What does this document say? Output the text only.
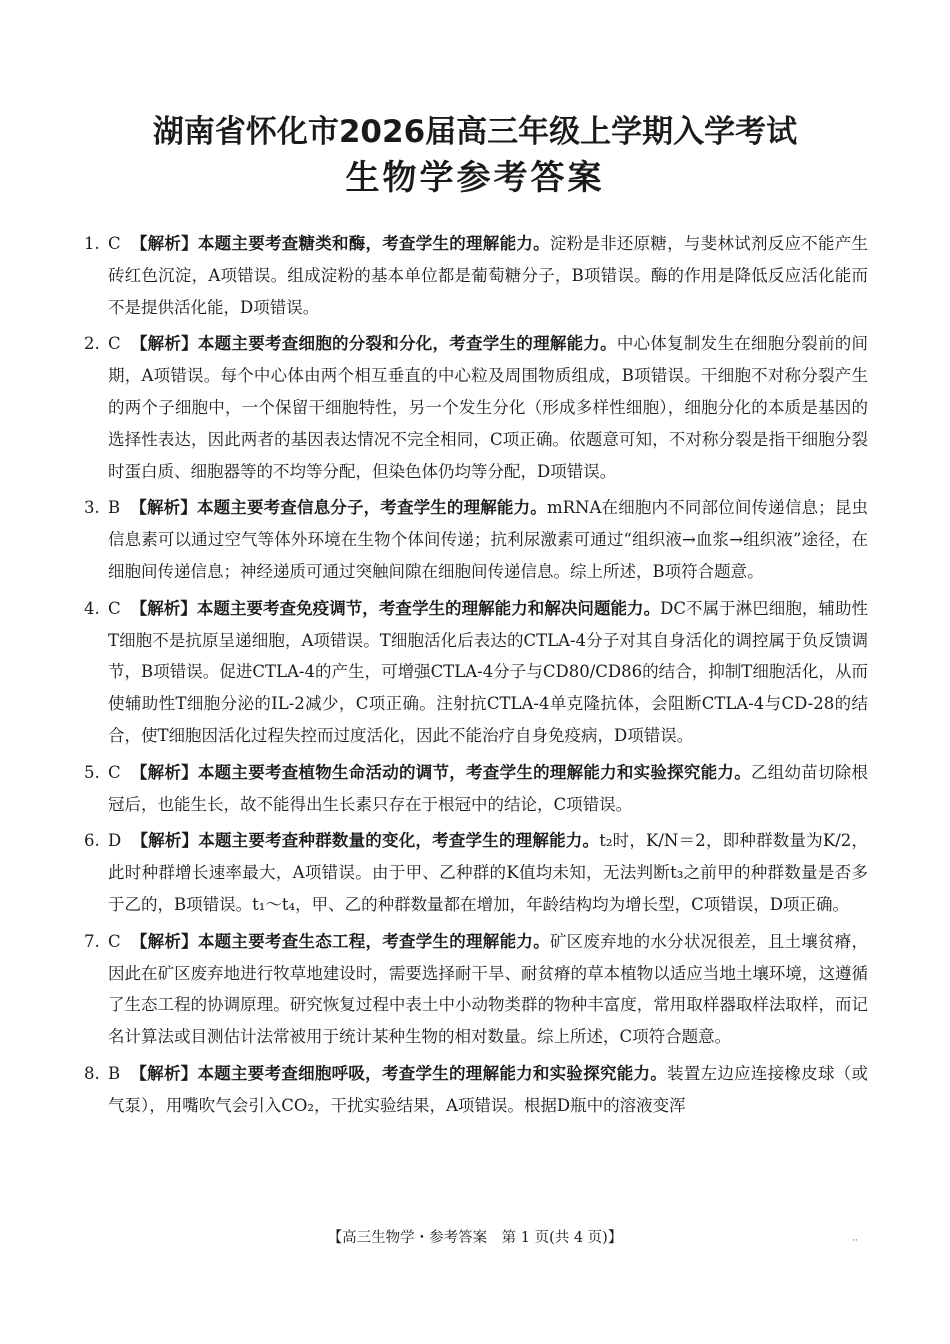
湖南省怀化市2026届高三年级上学期入学考试
生物学参考答案

1. C 【解析】本题主要考查糖类和酶，考查学生的理解能力。淀粉是非还原糖，与斐林试剂反应不能产生砖红色沉淀，A项错误。组成淀粉的基本单位都是葡萄糖分子，B项错误。酶的作用是降低反应活化能而不是提供活化能，D项错误。

2. C 【解析】本题主要考查细胞的分裂和分化，考查学生的理解能力。中心体复制发生在细胞分裂前的间期，A项错误。每个中心体由两个相互垂直的中心粒及周围物质组成，B项错误。干细胞不对称分裂产生的两个子细胞中，一个保留干细胞特性，另一个发生分化（形成多样性细胞），细胞分化的本质是基因的选择性表达，因此两者的基因表达情况不完全相同，C项正确。依题意可知，不对称分裂是指干细胞分裂时蛋白质、细胞器等的不均等分配，但染色体仍均等分配，D项错误。

3. B 【解析】本题主要考查信息分子，考查学生的理解能力。mRNA在细胞内不同部位间传递信息；昆虫信息素可以通过空气等体外环境在生物个体间传递；抗利尿激素可通过“组织液→血浆→组织液”途径，在细胞间传递信息；神经递质可通过突触间隙在细胞间传递信息。综上所述，B项符合题意。

4. C 【解析】本题主要考查免疫调节，考查学生的理解能力和解决问题能力。DC不属于淋巴细胞，辅助性T细胞不是抗原呈递细胞，A项错误。T细胞活化后表达的CTLA-4分子对其自身活化的调控属于负反馈调节，B项错误。促进CTLA-4的产生，可增强CTLA-4分子与CD80/CD86的结合，抑制T细胞活化，从而使辅助性T细胞分泌的IL-2减少，C项正确。注射抗CTLA-4单克隆抗体，会阻断CTLA-4与CD-28的结合，使T细胞因活化过程失控而过度活化，因此不能治疗自身免疫病，D项错误。

5. C 【解析】本题主要考查植物生命活动的调节，考查学生的理解能力和实验探究能力。乙组幼苗切除根冠后，也能生长，故不能得出生长素只存在于根冠中的结论，C项错误。

6. D 【解析】本题主要考查种群数量的变化，考查学生的理解能力。t₂时，K/N＝2，即种群数量为K/2，此时种群增长速率最大，A项错误。由于甲、乙种群的K值均未知，无法判断t₃之前甲的种群数量是否多于乙的，B项错误。t₁～t₄，甲、乙的种群数量都在增加，年龄结构均为增长型，C项错误，D项正确。

7. C 【解析】本题主要考查生态工程，考查学生的理解能力。矿区废弃地的水分状况很差，且土壤贫瘠，因此在矿区废弃地进行牧草地建设时，需要选择耐干旱、耐贫瘠的草本植物以适应当地土壤环境，这遵循了生态工程的协调原理。研究恢复过程中表土中小动物类群的物种丰富度，常用取样器取样法取样，而记名计算法或目测估计法常被用于统计某种生物的相对数量。综上所述，C项符合题意。

8. B 【解析】本题主要考查细胞呼吸，考查学生的理解能力和实验探究能力。装置左边应连接橡皮球（或气泵），用嘴吹气会引入CO₂，干扰实验结果，A项错误。根据D瓶中的溶液变浑

【高三生物学・参考答案　第 1 页(共 4 页)】	··
